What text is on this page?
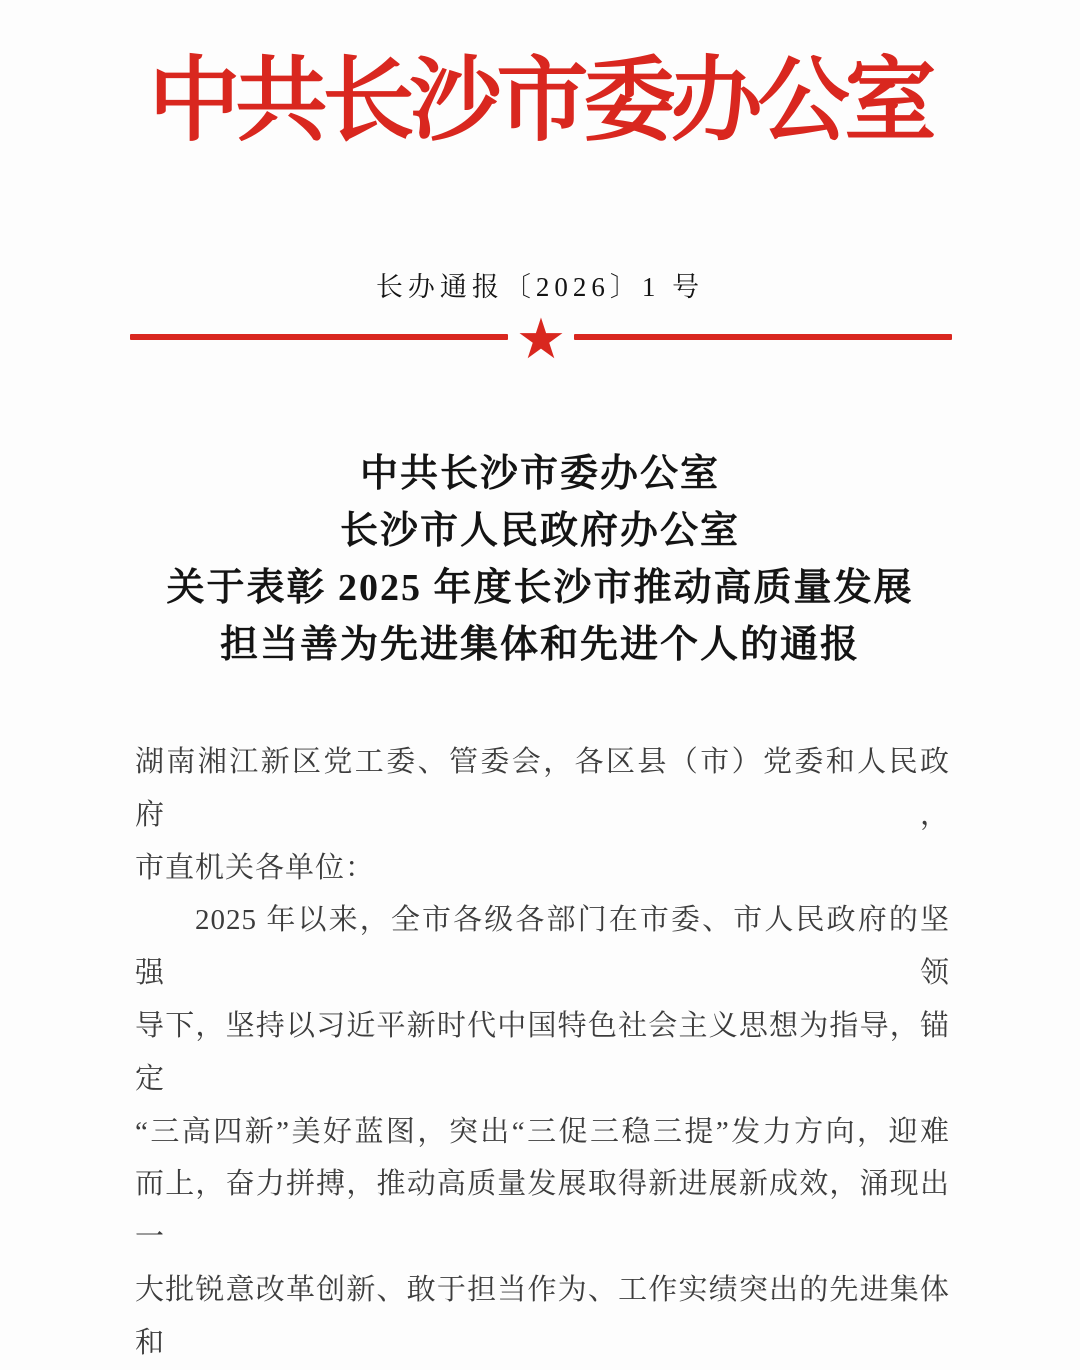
中共长沙市委办公室
长办通报〔2026〕1 号
★
中共长沙市委办公室
长沙市人民政府办公室
关于表彰 2025 年度长沙市推动高质量发展
担当善为先进集体和先进个人的通报
湖南湘江新区党工委、管委会，各区县（市）党委和人民政府，
市直机关各单位：
2025 年以来，全市各级各部门在市委、市人民政府的坚强领
导下，坚持以习近平新时代中国特色社会主义思想为指导，锚定
“三高四新”美好蓝图，突出“三促三稳三提”发力方向，迎难
而上，奋力拼搏，推动高质量发展取得新进展新成效，涌现出一
大批锐意改革创新、敢于担当作为、工作实绩突出的先进集体和
